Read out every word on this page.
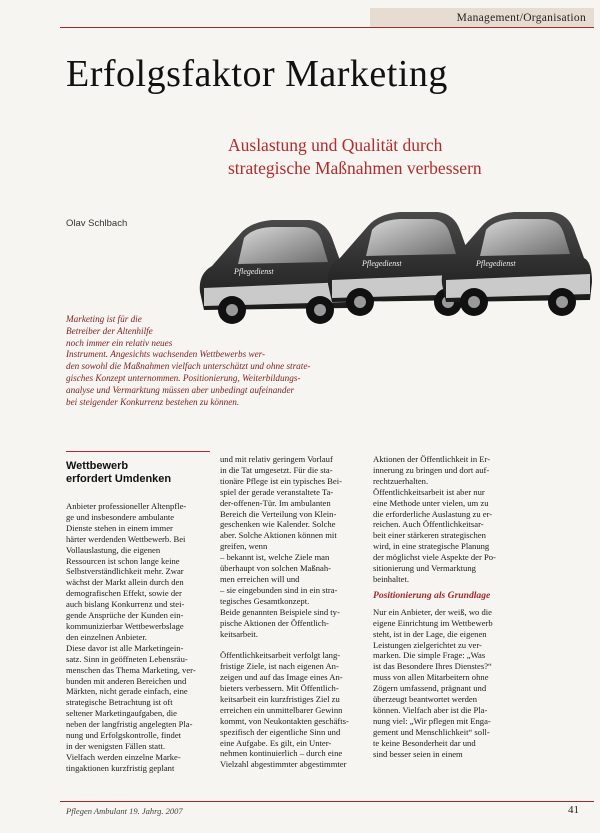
Management/Organisation
Erfolgsfaktor Marketing
Auslastung und Qualität durch
strategische Maßnahmen verbessern
Olav Schlbach
Pflegedienst
Pflegedienst	Pflegedienst
Marketing ist für die
Betreiber der Altenhilfe
noch immer ein relativ neues
Instrument. Angesichts wachsenden Wettbewerbs wer-
den sowohl die Maßnahmen vielfach unterschätzt und ohne strate-
gisches Konzept unternommen. Positionierung, Weiterbildungs-
analyse und Vermarktung müssen aber unbedingt aufeinander
bei steigender Konkurrenz bestehen zu können.
Wettbewerb
erfordert Umdenken
Anbieter professioneller Altenpfle-
ge und insbesondere ambulante
Dienste stehen in einem immer
härter werdenden Wettbewerb. Bei
Vollauslastung, die eigenen
Ressourcen ist schon lange keine
Selbstverständlichkeit mehr. Zwar
wächst der Markt allein durch den
demografischen Effekt, sowie der
auch bislang Konkurrenz und stei-
gende Ansprüche der Kunden ein-
kommunizierbar Wettbewerbslage
den einzelnen Anbieter.
Diese davor ist alle Marketingein-
satz. Sinn in geöffneten Lebensräu-
menschen das Thema Marketing, ver-
bunden mit anderen Bereichen und
Märkten, nicht gerade einfach, eine
strategische Betrachtung ist oft
seltener Marketingaufgaben, die
neben der langfristig angelegten Pla-
nung und Erfolgskontrolle, findet
in der wenigsten Fällen statt.
Vielfach werden einzelne Marke-
tingaktionen kurzfristig geplant
und mit relativ geringem Vorlauf
in die Tat umgesetzt. Für die sta-
tionäre Pflege ist ein typisches Bei-
spiel der gerade veranstaltete Ta-
der-offenen-Tür. Im ambulanten
Bereich die Verteilung von Klein-
geschenken wie Kalender. Solche
aber. Solche Aktionen können mit
greifen, wenn
– bekannt ist, welche Ziele man
überhaupt von solchen Maßnah-
men erreichen will und
– sie eingebunden sind in ein stra-
tegisches Gesamtkonzept.
Beide genannten Beispiele sind ty-
pische Aktionen der Öffentlich-
keitsarbeit.

Öffentlichkeitsarbeit verfolgt lang-
fristige Ziele, ist nach eigenen An-
zeigen und auf das Image eines An-
bieters verbessern. Mit Öffentlich-
keitsarbeit ein kurzfristiges Ziel zu
erreichen ein unmittelbarer Gewinn
kommt, von Neukontakten geschäfts-
spezifisch der eigentliche Sinn und
eine Aufgabe. Es gilt, ein Unter-
nehmen kontinuierlich – durch eine
Vielzahl abgestimmter abgestimmter
Aktionen der Öffentlichkeit in Er-
innerung zu bringen und dort auf-
rechtzuerhalten.
Öffentlichkeitsarbeit ist aber nur
eine Methode unter vielen, um zu
die erforderliche Auslastung zu er-
reichen. Auch Öffentlichkeitsar-
beit einer stärkeren strategischen
wird, in eine strategische Planung
der möglichst viele Aspekte der Po-
sitionierung und Vermarktung
beinhaltet.
Positionierung als Grundlage
Nur ein Anbieter, der weiß, wo die
eigene Einrichtung im Wettbewerb
steht, ist in der Lage, die eigenen
Leistungen zielgerichtet zu ver-
marken. Die simple Frage: „Was
ist das Besondere Ihres Dienstes?“
muss von allen Mitarbeitern ohne
Zögern umfassend, prägnant und
überzeugt beantwortet werden
können. Vielfach aber ist die Pla-
nung viel: „Wir pflegen mit Enga-
gement und Menschlichkeit“ soll-
te keine Besonderheit dar und
sind besser seien in einem
Pflegen Ambulant 19. Jahrg. 2007	41
